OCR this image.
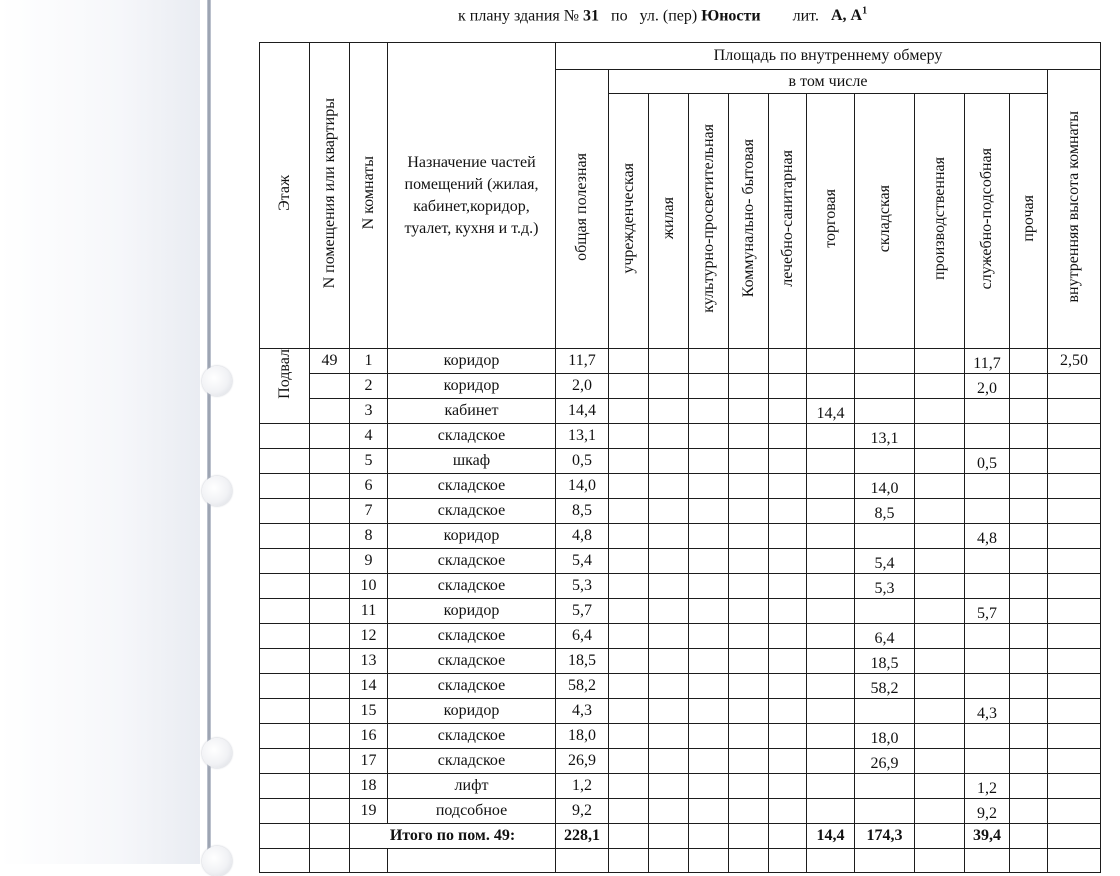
к плану здания № 31 по ул. (пер) Юности лит. А, $А^1$
Этаж	N помещения или квартиры	N комнаты	Назначение частей помещений (жилая, кабинет,коридор, туалет, кухня и т.д.)	Площадь по внутреннему обмеру											
				общая полезная	в том числе										внутренняя высота комнаты
					учрежденческая	жилая	культурно-просветительная	Коммунально- бытовая	лечебно-санитарная	торговая	складская	производственная	служебно-подсобная	прочая	
Подвал	49	1	коридор	11,7									11,7		2,50
		2	коридор	2,0									2,0		
		3	кабинет	14,4						14,4					
		4	складское	13,1							13,1				
		5	шкаф	0,5									0,5		
		6	складское	14,0							14,0				
		7	складское	8,5							8,5				
		8	коридор	4,8									4,8		
		9	складское	5,4							5,4				
		10	складское	5,3							5,3				
		11	коридор	5,7									5,7		
		12	складское	6,4							6,4				
		13	складское	18,5							18,5				
		14	складское	58,2							58,2				
		15	коридор	4,3									4,3		
		16	складское	18,0							18,0				
		17	складское	26,9							26,9				
		18	лифт	1,2									1,2		
		19	подсобное	9,2									9,2		
		Итого по пом. 49:		228,1						14,4	174,3		39,4		
